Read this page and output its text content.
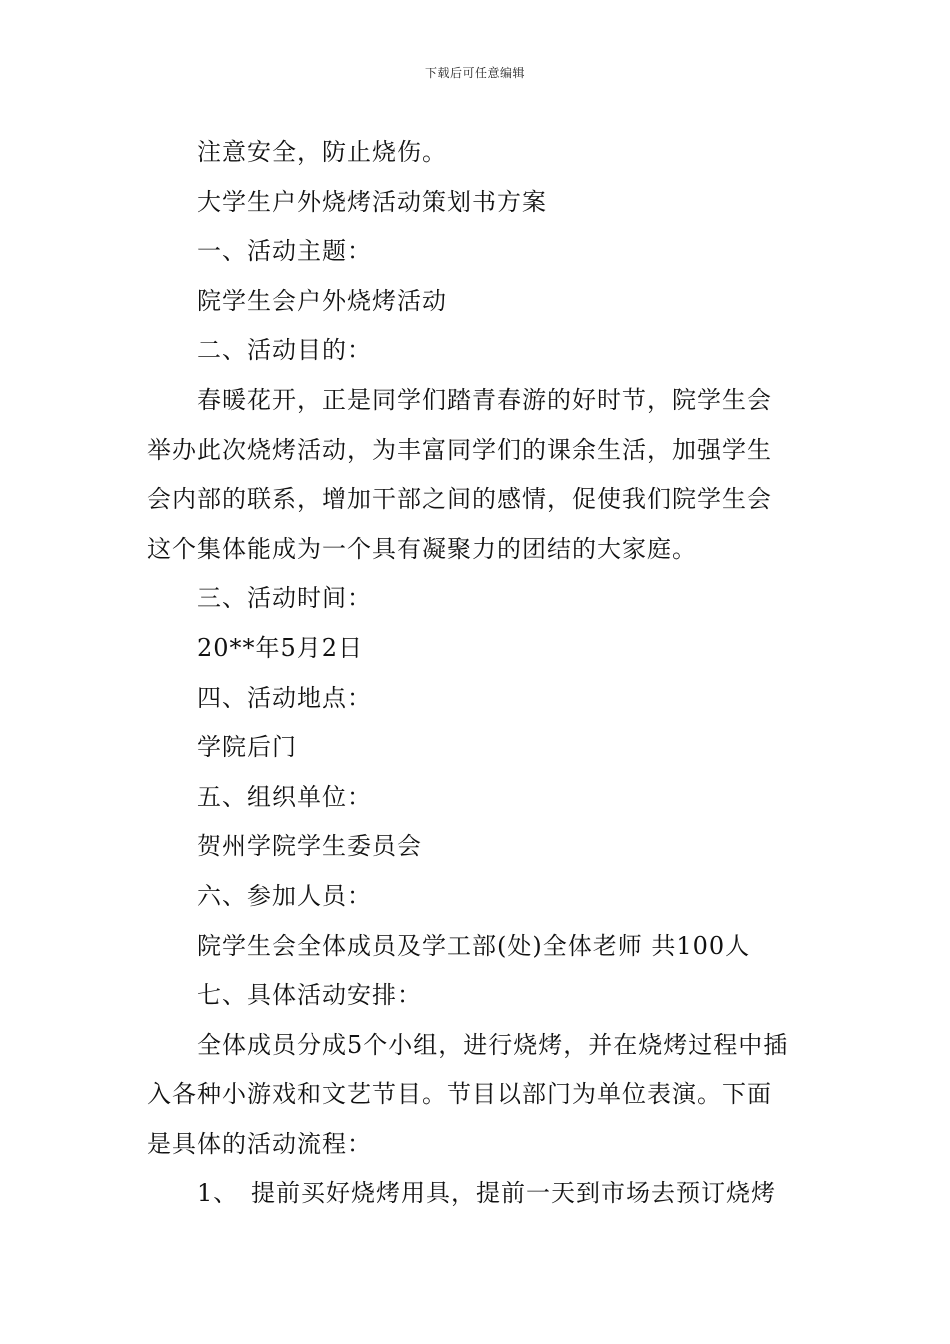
下载后可任意编辑
注意安全，防止烧伤。
大学生户外烧烤活动策划书方案
一、活动主题：
院学生会户外烧烤活动
二、活动目的：
春暖花开，正是同学们踏青春游的好时节，院学生会
举办此次烧烤活动，为丰富同学们的课余生活，加强学生
会内部的联系，增加干部之间的感情，促使我们院学生会
这个集体能成为一个具有凝聚力的团结的大家庭。
三、活动时间：
20**年5月2日
四、活动地点：
学院后门
五、组织单位：
贺州学院学生委员会
六、参加人员：
院学生会全体成员及学工部(处)全体老师 共100人
七、具体活动安排：
全体成员分成5个小组，进行烧烤，并在烧烤过程中插
入各种小游戏和文艺节目。节目以部门为单位表演。下面
是具体的活动流程：
1、 提前买好烧烤用具，提前一天到市场去预订烧烤
